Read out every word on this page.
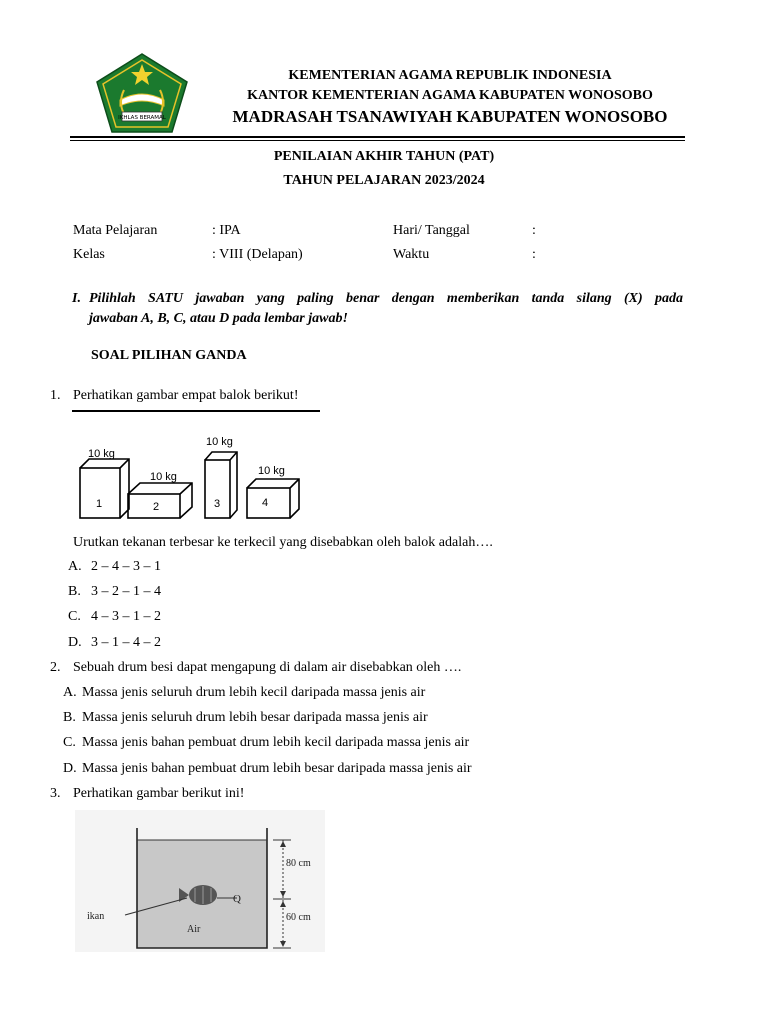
IKHLAS BERAMAL
KEMENTERIAN AGAMA REPUBLIK INDONESIA
KANTOR KEMENTERIAN AGAMA KABUPATEN WONOSOBO
MADRASAH TSANAWIYAH KABUPATEN WONOSOBO
PENILAIAN AKHIR TAHUN (PAT)
TAHUN PELAJARAN 2023/2024
Mata Pelajaran	: IPA	Hari/ Tanggal	:
Kelas	: VIII (Delapan)	Waktu	:
I. Pilihlah SATU jawaban yang paling benar dengan memberikan tanda silang (X) pada
jawaban A, B, C, atau D pada lembar jawab!
SOAL PILIHAN GANDA
1. Perhatikan gambar empat balok berikut!
10 kg
10 kg
10 kg
10 kg
1	2	3	4
Urutkan tekanan terbesar ke terkecil yang disebabkan oleh balok adalah….
A. 2 – 4 – 3 – 1
B. 3 – 2 – 1 – 4
C. 4 – 3 – 1 – 2
D. 3 – 1 – 4 – 2
2. Sebuah drum besi dapat mengapung di dalam air disebabkan oleh ….
A. Massa jenis seluruh drum lebih kecil daripada massa jenis air
B. Massa jenis seluruh drum lebih besar daripada massa jenis air
C. Massa jenis bahan pembuat drum lebih kecil daripada massa jenis air
D. Massa jenis bahan pembuat drum lebih besar daripada massa jenis air
3. Perhatikan gambar berikut ini!
80 cm
60 cm
ikan
Q
Air
